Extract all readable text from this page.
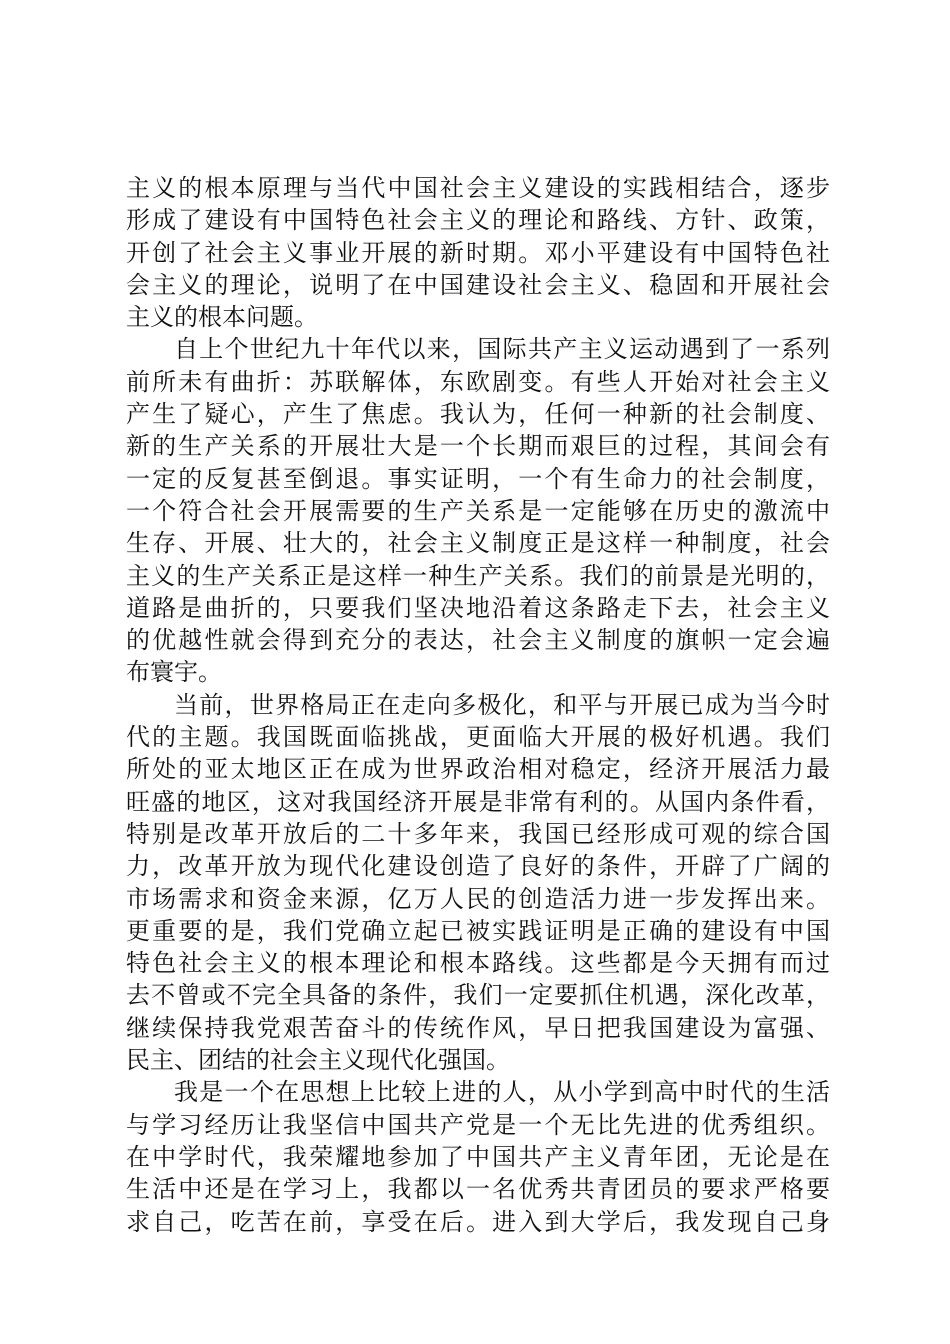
主义的根本原理与当代中国社会主义建设的实践相结合，逐步
形成了建设有中国特色社会主义的理论和路线、方针、政策，
开创了社会主义事业开展的新时期。邓小平建设有中国特色社
会主义的理论，说明了在中国建设社会主义、稳固和开展社会
主义的根本问题。
自上个世纪九十年代以来，国际共产主义运动遇到了一系列
前所未有曲折：苏联解体，东欧剧变。有些人开始对社会主义
产生了疑心，产生了焦虑。我认为，任何一种新的社会制度、
新的生产关系的开展壮大是一个长期而艰巨的过程，其间会有
一定的反复甚至倒退。事实证明，一个有生命力的社会制度，
一个符合社会开展需要的生产关系是一定能够在历史的激流中
生存、开展、壮大的，社会主义制度正是这样一种制度，社会
主义的生产关系正是这样一种生产关系。我们的前景是光明的，
道路是曲折的，只要我们坚决地沿着这条路走下去，社会主义
的优越性就会得到充分的表达，社会主义制度的旗帜一定会遍
布寰宇。
当前，世界格局正在走向多极化，和平与开展已成为当今时
代的主题。我国既面临挑战，更面临大开展的极好机遇。我们
所处的亚太地区正在成为世界政治相对稳定，经济开展活力最
旺盛的地区，这对我国经济开展是非常有利的。从国内条件看，
特别是改革开放后的二十多年来，我国已经形成可观的综合国
力，改革开放为现代化建设创造了良好的条件，开辟了广阔的
市场需求和资金来源，亿万人民的创造活力进一步发挥出来。
更重要的是，我们党确立起已被实践证明是正确的建设有中国
特色社会主义的根本理论和根本路线。这些都是今天拥有而过
去不曾或不完全具备的条件，我们一定要抓住机遇，深化改革，
继续保持我党艰苦奋斗的传统作风，早日把我国建设为富强、
民主、团结的社会主义现代化强国。
我是一个在思想上比较上进的人，从小学到高中时代的生活
与学习经历让我坚信中国共产党是一个无比先进的优秀组织。
在中学时代，我荣耀地参加了中国共产主义青年团，无论是在
生活中还是在学习上，我都以一名优秀共青团员的要求严格要
求自己，吃苦在前，享受在后。进入到大学后，我发现自己身
